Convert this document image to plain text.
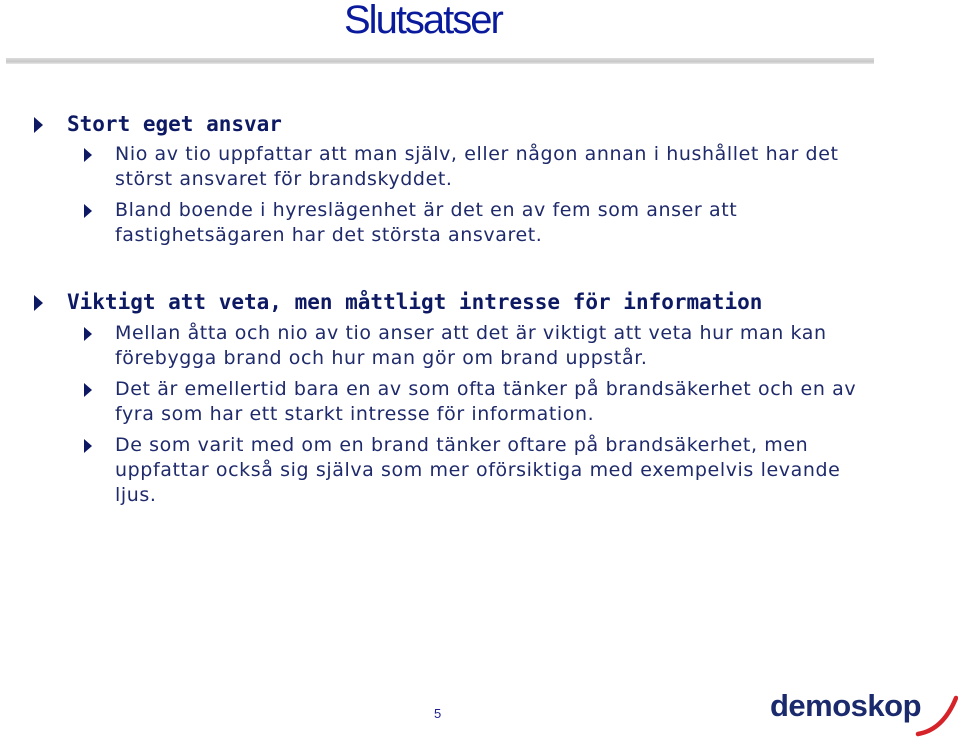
Slutsatser
Stort eget ansvar
Nio av tio uppfattar att man själv, eller någon annan i hushållet har det störst ansvaret för brandskyddet.
Bland boende i hyreslägenhet är det en av fem som anser att fastighetsägaren har det största ansvaret.
Viktigt att veta, men måttligt intresse för information
Mellan åtta och nio av tio anser att det är viktigt att veta hur man kan förebygga brand och hur man gör om brand uppstår.
Det är emellertid bara en av som ofta tänker på brandsäkerhet och en av fyra som har ett starkt intresse för information.
De som varit med om en brand tänker oftare på brandsäkerhet, men uppfattar också sig själva som mer oförsiktiga med exempelvis levande ljus.
5	demoskop
